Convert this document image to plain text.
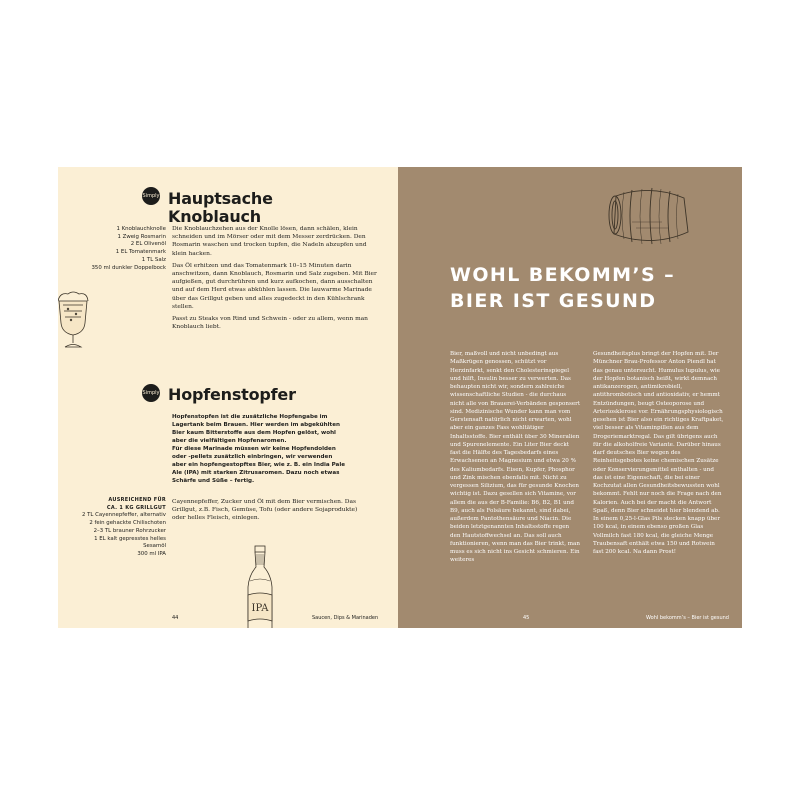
Simply Hauptsache
Knoblauch
1 Knoblauchknolle
1 Zweig Rosmarin
2 EL Olivenöl
1 EL Tomatenmark
1 TL Salz
350 ml dunkler Doppelbock

Die Knoblauchzehen aus der Knolle lösen, dann schälen, klein schneiden und im Mörser oder mit dem Messer zerdrücken. Den Rosmarin waschen und trocken tupfen, die Nadeln abzupfen und klein hacken.

Das Öl erhitzen und das Tomatenmark 10–15 Minuten darin anschwitzen, dann Knoblauch, Rosmarin und Salz zugeben. Mit Bier aufgießen, gut durchrühren und kurz aufkochen, dann ausschalten und auf dem Herd etwas abkühlen lassen. Die lauwarme Marinade über das Grillgut geben und alles zugedeckt in den Kühlschrank stellen.

Passt zu Steaks von Rind und Schwein - oder zu allem, wenn man Knoblauch liebt.

Simply Hopfenstopfer
Hopfenstopfen ist die zusätzliche Hopfengabe im
Lagertank beim Brauen. Hier werden im abgekühlten
Bier kaum Bitterstoffe aus dem Hopfen gelöst, wohl
aber die vielfältigen Hopfenaromen.
Für diese Marinade müssen wir keine Hopfendolden
oder -pellets zusätzlich einbringen, wir verwenden
aber ein hopfengestopftes Bier, wie z. B. ein India Pale
Ale (IPA) mit starken Zitrusaromen. Dazu noch etwas
Schärfe und Süße – fertig.
AUSREICHEND FÜR
CA. 1 KG GRILLGUT
2 TL Cayennepfeffer, alternativ
2 fein gehackte Chilischoten
2–3 TL brauner Rohrzucker
1 EL kalt gepresstes helles
Sesamöl
300 ml IPA

Cayennepfeffer, Zucker und Öl mit dem Bier vermischen. Das Grillgut, z.B. Fisch, Gemüse, Tofu (oder andere Sojaprodukte) oder helles Fleisch, einlegen.

IPA
44	Saucen, Dips & Marinaden
WOHL BEKOMM’S –
BIER IST GESUND

Bier, maßvoll und nicht unbedingt aus Maßkrügen genossen, schützt vor Herzinfarkt, senkt den Cholesterinspiegel und hilft, Insulin besser zu verwerten. Das behaupten nicht wir, sondern zahlreiche wissenschaftliche Studien - die durchaus nicht alle von Brauerei-Verbänden gesponsert sind. Medizinische Wunder kann man vom Gerstensaft natürlich nicht erwarten, wohl aber ein ganzes Fass wohltätiger Inhaltsstoffe. Bier enthält über 30 Mineralien und Spurenelemente. Ein Liter Bier deckt fast die Hälfte des Tagesbedarfs eines Erwachsenen an Magnesium und etwa 20 % des Kaliumbedarfs. Eisen, Kupfer, Phosphor und Zink mischen ebenfalls mit. Nicht zu vergessen Silizium, das für gesunde Knochen wichtig ist. Dazu gesellen sich Vitamine, vor allem die aus der B-Familie: B6, B2, B1 und B9, auch als Folsäure bekannt, sind dabei, außerdem Pantothensäure und Niacin. Die beiden letztgenannten Inhaltsstoffe regen den Hautstoffwechsel an. Das soll auch funktionieren, wenn man das Bier trinkt, man muss es sich nicht ins Gesicht schmieren. Ein weiteres

Gesundheitsplus bringt der Hopfen mit. Der Münchner Brau-Professor Anton Piendl hat das genau untersucht. Humulus lupulus, wie der Hopfen botanisch heißt, wirkt demnach antikanzerogen, antimikrobiell, antithrombotisch und antioxidativ, er hemmt Entzündungen, beugt Osteoporose und Arteriosklerose vor. Ernährungsphysiologisch gesehen ist Bier also ein richtiges Kraftpaket, viel besser als Vitaminpillen aus dem Drogeriemarktregal. Das gilt übrigens auch für die alkoholfreie Variante. Darüber hinaus darf deutsches Bier wegen des Reinheitsgebotes keine chemischen Zusätze oder Konservierungsmittel enthalten - und das ist eine Eigenschaft, die bei einer Kochzutat allen Gesundheitsbewussten wohl bekommt. Fehlt nur noch die Frage nach den Kalorien. Auch bei der macht die Antwort Spaß, denn Bier schneidet hier blendend ab. In einem 0,25-l-Glas Pils stecken knapp über 100 kcal, in einem ebenso großen Glas Vollmilch fast 180 kcal, die gleiche Menge Traubensaft enthält etwa 150 und Rotwein fast 200 kcal. Na dann Prost!

45	Wohl bekomm’s – Bier ist gesund
